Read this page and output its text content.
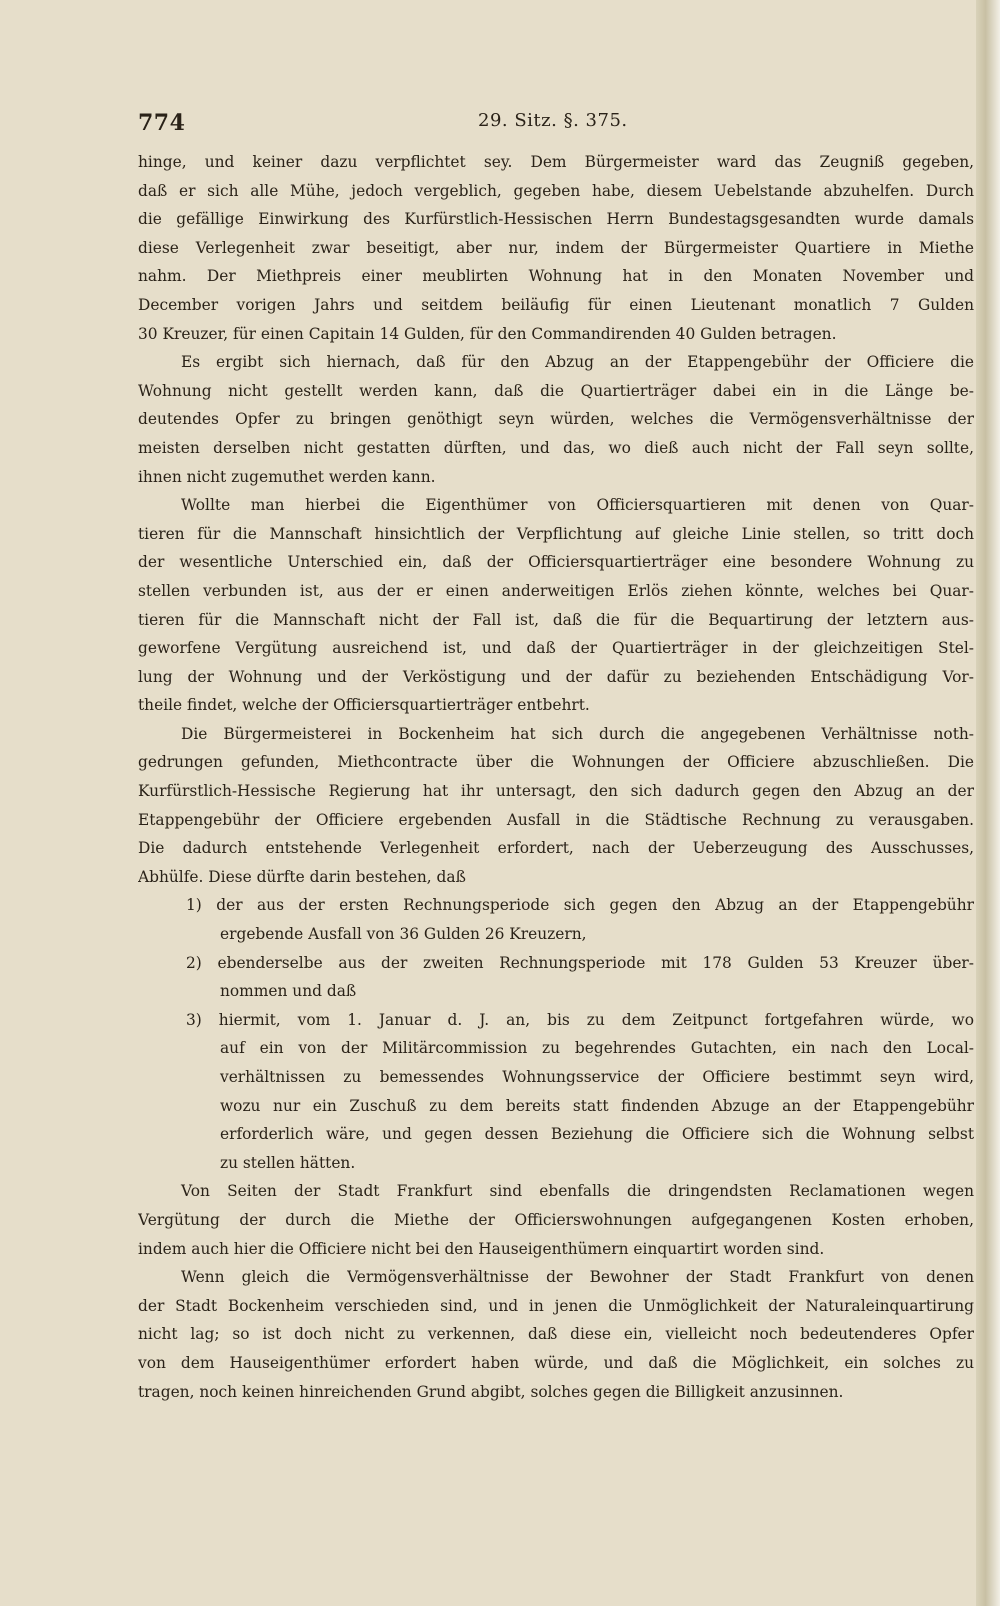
774	29. Sitz. §. 375.
hinge, und keiner dazu verpflichtet sey. Dem Bürgermeister ward das Zeugniß gegeben,
daß er sich alle Mühe, jedoch vergeblich, gegeben habe, diesem Uebelstande abzuhelfen. Durch
die gefällige Einwirkung des Kurfürstlich-Hessischen Herrn Bundestagsgesandten wurde damals
diese Verlegenheit zwar beseitigt, aber nur, indem der Bürgermeister Quartiere in Miethe
nahm. Der Miethpreis einer meublirten Wohnung hat in den Monaten November und
December vorigen Jahrs und seitdem beiläufig für einen Lieutenant monatlich 7 Gulden
30 Kreuzer, für einen Capitain 14 Gulden, für den Commandirenden 40 Gulden betragen.
Es ergibt sich hiernach, daß für den Abzug an der Etappengebühr der Officiere die
Wohnung nicht gestellt werden kann, daß die Quartierträger dabei ein in die Länge be-
deutendes Opfer zu bringen genöthigt seyn würden, welches die Vermögensverhältnisse der
meisten derselben nicht gestatten dürften, und das, wo dieß auch nicht der Fall seyn sollte,
ihnen nicht zugemuthet werden kann.
Wollte man hierbei die Eigenthümer von Officiersquartieren mit denen von Quar-
tieren für die Mannschaft hinsichtlich der Verpflichtung auf gleiche Linie stellen, so tritt doch
der wesentliche Unterschied ein, daß der Officiersquartierträger eine besondere Wohnung zu
stellen verbunden ist, aus der er einen anderweitigen Erlös ziehen könnte, welches bei Quar-
tieren für die Mannschaft nicht der Fall ist, daß die für die Bequartirung der letztern aus-
geworfene Vergütung ausreichend ist, und daß der Quartierträger in der gleichzeitigen Stel-
lung der Wohnung und der Verköstigung und der dafür zu beziehenden Entschädigung Vor-
theile findet, welche der Officiersquartierträger entbehrt.
Die Bürgermeisterei in Bockenheim hat sich durch die angegebenen Verhältnisse noth-
gedrungen gefunden, Miethcontracte über die Wohnungen der Officiere abzuschließen. Die
Kurfürstlich-Hessische Regierung hat ihr untersagt, den sich dadurch gegen den Abzug an der
Etappengebühr der Officiere ergebenden Ausfall in die Städtische Rechnung zu verausgaben.
Die dadurch entstehende Verlegenheit erfordert, nach der Ueberzeugung des Ausschusses,
Abhülfe. Diese dürfte darin bestehen, daß
1) der aus der ersten Rechnungsperiode sich gegen den Abzug an der Etappengebühr
ergebende Ausfall von 36 Gulden 26 Kreuzern,
2) ebenderselbe aus der zweiten Rechnungsperiode mit 178 Gulden 53 Kreuzer über-
nommen und daß
3) hiermit, vom 1. Januar d. J. an, bis zu dem Zeitpunct fortgefahren würde, wo
auf ein von der Militärcommission zu begehrendes Gutachten, ein nach den Local-
verhältnissen zu bemessendes Wohnungsservice der Officiere bestimmt seyn wird,
wozu nur ein Zuschuß zu dem bereits statt findenden Abzuge an der Etappengebühr
erforderlich wäre, und gegen dessen Beziehung die Officiere sich die Wohnung selbst
zu stellen hätten.
Von Seiten der Stadt Frankfurt sind ebenfalls die dringendsten Reclamationen wegen
Vergütung der durch die Miethe der Officierswohnungen aufgegangenen Kosten erhoben,
indem auch hier die Officiere nicht bei den Hauseigenthümern einquartirt worden sind.
Wenn gleich die Vermögensverhältnisse der Bewohner der Stadt Frankfurt von denen
der Stadt Bockenheim verschieden sind, und in jenen die Unmöglichkeit der Naturaleinquartirung
nicht lag; so ist doch nicht zu verkennen, daß diese ein, vielleicht noch bedeutenderes Opfer
von dem Hauseigenthümer erfordert haben würde, und daß die Möglichkeit, ein solches zu
tragen, noch keinen hinreichenden Grund abgibt, solches gegen die Billigkeit anzusinnen.
